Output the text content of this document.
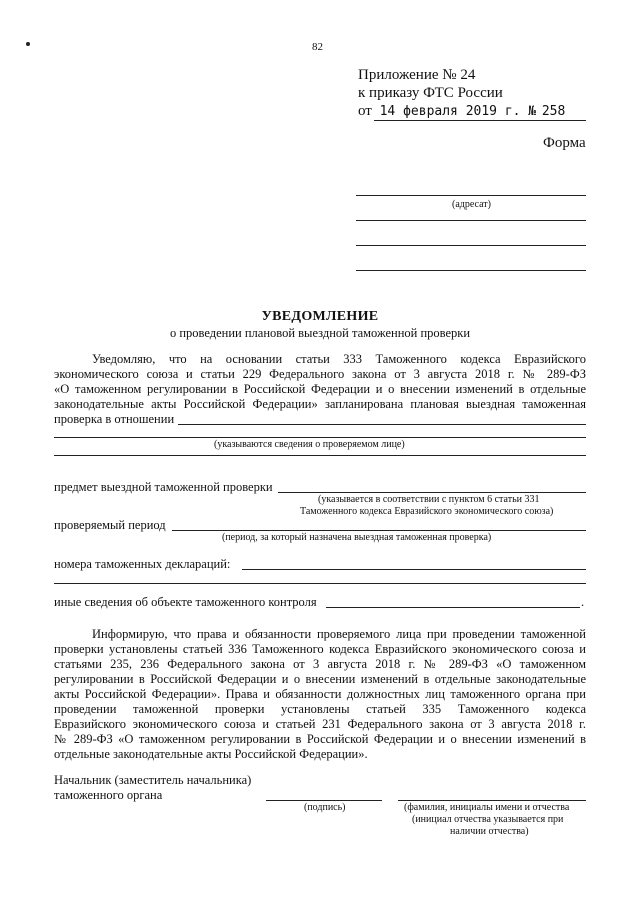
82
Приложение № 24
к приказу ФТС России
от 14 февраля 2019 г. № 258
Форма
(адресат)
УВЕДОМЛЕНИЕ
о проведении плановой выездной таможенной проверки
Уведомляю, что на основании статьи 333 Таможенного кодекса Евразийского
экономического союза и статьи 229 Федерального закона от 3 августа 2018 г. № 289-ФЗ
«О таможенном регулировании в Российской Федерации и о внесении изменений в отдельные
законодательные акты Российской Федерации» запланирована плановая выездная таможенная
проверка в отношении
(указываются сведения о проверяемом лице)
предмет выездной таможенной проверки
(указывается в соответствии с пунктом 6 статьи 331
Таможенного кодекса Евразийского экономического союза)
проверяемый период
(период, за который назначена выездная таможенная проверка)
номера таможенных деклараций:
иные сведения об объекте таможенного контроля	.
Информирую, что права и обязанности проверяемого лица при проведении таможенной
проверки установлены статьей 336 Таможенного кодекса Евразийского экономического союза и
статьями 235, 236 Федерального закона от 3 августа 2018 г. № 289-ФЗ «О таможенном
регулировании в Российской Федерации и о внесении изменений в отдельные законодательные
акты Российской Федерации». Права и обязанности должностных лиц таможенного органа при
проведении таможенной проверки установлены статьей 335 Таможенного кодекса
Евразийского экономического союза и статьей 231 Федерального закона от 3 августа 2018 г.
№ 289-ФЗ «О таможенном регулировании в Российской Федерации и о внесении изменений в
отдельные законодательные акты Российской Федерации».
Начальник (заместитель начальника)
таможенного органа
(подпись)	(фамилия, инициалы имени и отчества
(инициал отчества указывается при
наличии отчества)
